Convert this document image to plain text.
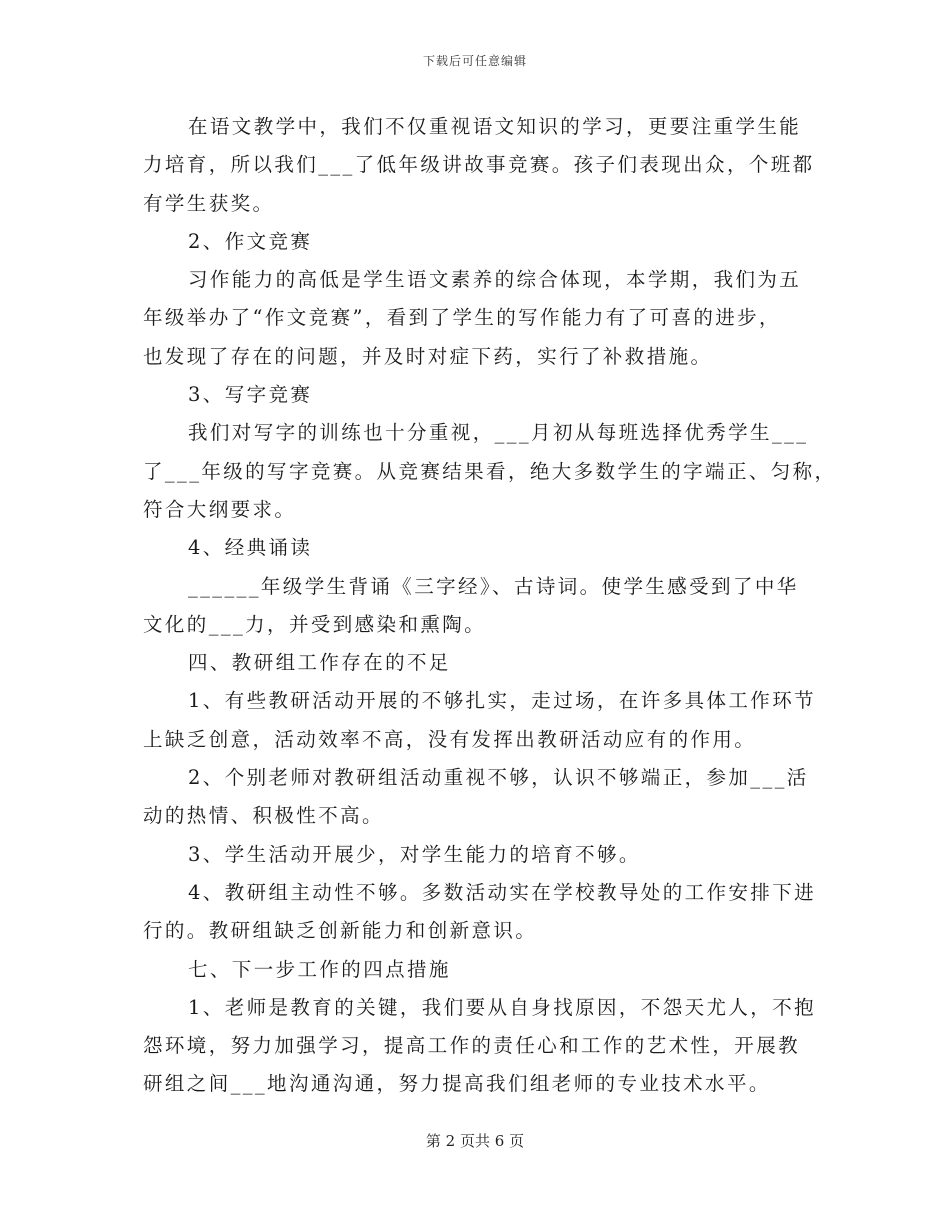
下载后可任意编辑
在语文教学中，我们不仅重视语文知识的学习，更要注重学生能
力培育，所以我们___了低年级讲故事竞赛。孩子们表现出众，个班都
有学生获奖。
2、作文竞赛
习作能力的高低是学生语文素养的综合体现，本学期，我们为五
年级举办了“作文竞赛”，看到了学生的写作能力有了可喜的进步，
也发现了存在的问题，并及时对症下药，实行了补救措施。
3、写字竞赛
我们对写字的训练也十分重视，___月初从每班选择优秀学生___
了___年级的写字竞赛。从竞赛结果看，绝大多数学生的字端正、匀称，
符合大纲要求。
4、经典诵读
______年级学生背诵《三字经》、古诗词。使学生感受到了中华
文化的___力，并受到感染和熏陶。
四、教研组工作存在的不足
1、有些教研活动开展的不够扎实，走过场，在许多具体工作环节
上缺乏创意，活动效率不高，没有发挥出教研活动应有的作用。
2、个别老师对教研组活动重视不够，认识不够端正，参加___活
动的热情、积极性不高。
3、学生活动开展少，对学生能力的培育不够。
4、教研组主动性不够。多数活动实在学校教导处的工作安排下进
行的。教研组缺乏创新能力和创新意识。
七、下一步工作的四点措施
1、老师是教育的关键，我们要从自身找原因，不怨天尤人，不抱
怨环境，努力加强学习，提高工作的责任心和工作的艺术性，开展教
研组之间___地沟通沟通，努力提高我们组老师的专业技术水平。
第 2 页共 6 页
